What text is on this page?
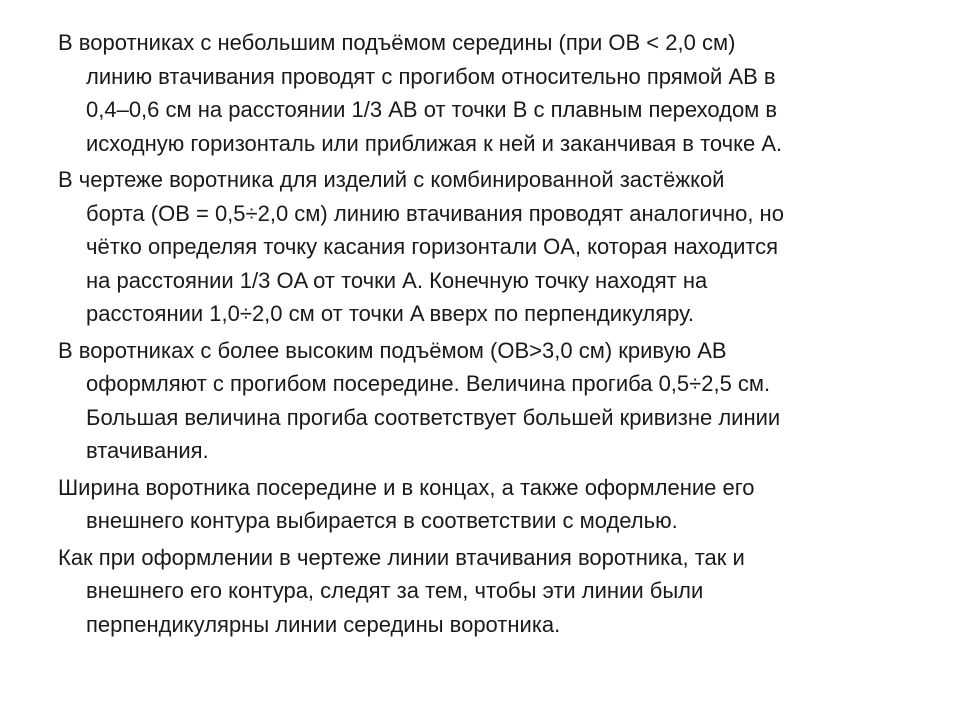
В воротниках с небольшим подъёмом середины (при OB < 2,0 см)
линию втачивания проводят с прогибом относительно прямой AB в
0,4–0,6 см на расстоянии 1/3 AB от точки B с плавным переходом в
исходную горизонталь или приближая к ней и заканчивая в точке A.

В чертеже воротника для изделий с комбинированной застёжкой
борта (OB = 0,5÷2,0 см) линию втачивания проводят аналогично, но
чётко определяя точку касания горизонтали OA, которая находится
на расстоянии 1/3 OA от точки A. Конечную точку находят на
расстоянии 1,0÷2,0 см от точки A вверх по перпендикуляру.

В воротниках с более высоким подъёмом (OB>3,0 см) кривую AB
оформляют с прогибом посередине. Величина прогиба 0,5÷2,5 см.
Большая величина прогиба соответствует большей кривизне линии
втачивания.

Ширина воротника посередине и в концах, а также оформление его
внешнего контура выбирается в соответствии с моделью.

Как при оформлении в чертеже линии втачивания воротника, так и
внешнего его контура, следят за тем, чтобы эти линии были
перпендикулярны линии середины воротника.
